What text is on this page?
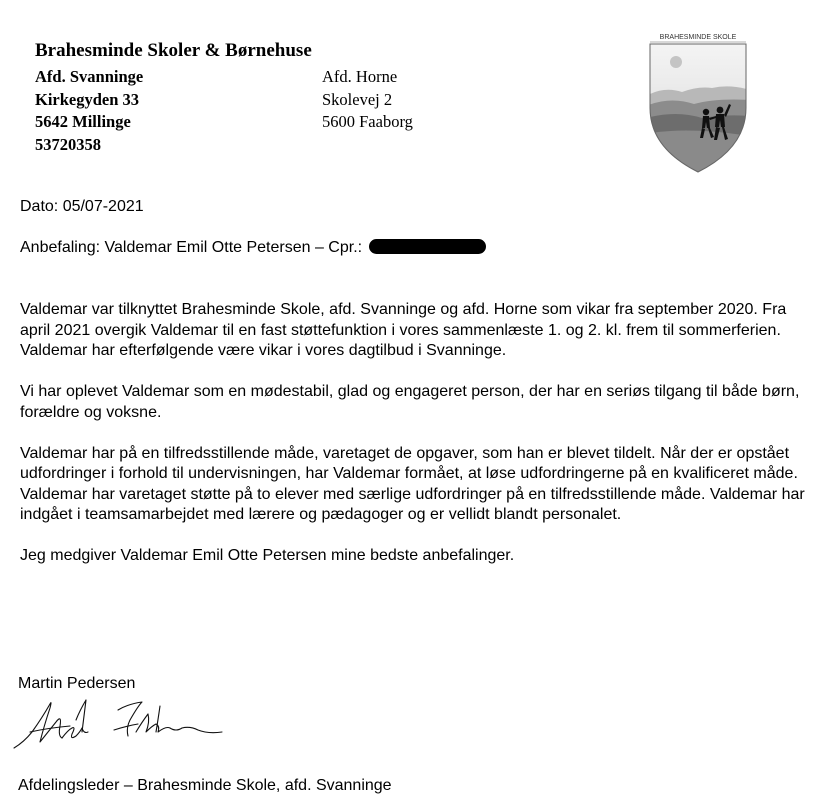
Brahesminde Skoler & Børnehuse
Afd. Svanninge
Kirkegyden 33
5642 Millinge
53720358
Afd. Horne
Skolevej 2
5600 Faaborg
BRAHESMINDE SKOLE
Dato: 05/07-2021
Anbefaling: Valdemar Emil Otte Petersen – Cpr.:

Valdemar var tilknyttet Brahesminde Skole, afd. Svanninge og afd. Horne som vikar fra september 2020. Fra april 2021 overgik Valdemar til en fast støttefunktion i vores sammenlæste 1. og 2. kl. frem til sommerferien. Valdemar har efterfølgende være vikar i vores dagtilbud i Svanninge.

Vi har oplevet Valdemar som en mødestabil, glad og engageret person, der har en seriøs tilgang til både børn, forældre og voksne.

Valdemar har på en tilfredsstillende måde, varetaget de opgaver, som han er blevet tildelt. Når der er opstået udfordringer i forhold til undervisningen, har Valdemar formået, at løse udfordringerne på en kvalificeret måde.

Valdemar har varetaget støtte på to elever med særlige udfordringer på en tilfredsstillende måde. Valdemar har indgået i teamsamarbejdet med lærere og pædagoger og er vellidt blandt personalet.

Jeg medgiver Valdemar Emil Otte Petersen mine bedste anbefalinger.

Martin Pedersen
Afdelingsleder – Brahesminde Skole, afd. Svanninge
